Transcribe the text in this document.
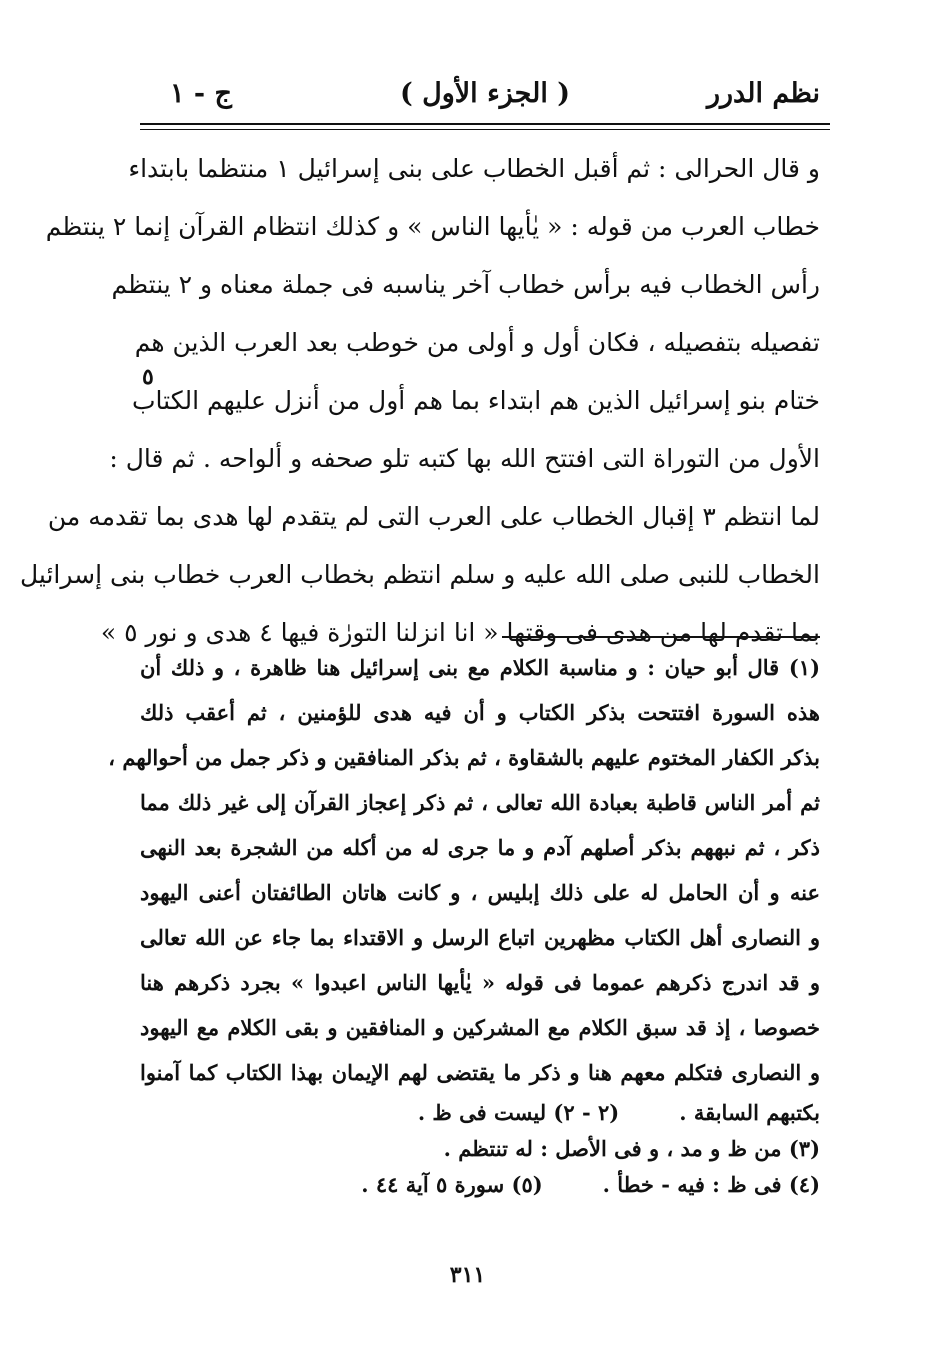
نظم الدرر
( الجزء الأول )
ج - ١
٥
و قال الحرالى : ثم أقبل الخطاب على بنى إسرائيل ١ منتظما بابتداء
خطاب العرب من قوله : « يٰأيها الناس » و كذلك انتظام القرآن إنما ٢ ينتظم
رأس الخطاب فيه برأس خطاب آخر يناسبه فى جملة معناه و ٢ ينتظم
تفصيله بتفصيله ، فكان أول و أولى من خوطب بعد العرب الذين هم
ختام بنو إسرائيل الذين هم ابتداء بما هم أول من أنزل عليهم الكتاب
الأول من التوراة التى افتتح الله بها كتبه تلو صحفه و ألواحه . ثم قال :
لما انتظم ٣ إقبال الخطاب على العرب التى لم يتقدم لها هدى بما تقدمه من
الخطاب للنبى صلى الله عليه و سلم انتظم بخطاب العرب خطاب بنى إسرائيل
بما تقدم لها من هدى فى وقتها « انا انزلنا التورٰة فيها ٤ هدى و نور ٥ »
(١) قال أبو حيان : و مناسبة الكلام مع بنى إسرائيل هنا ظاهرة ، و ذلك أن
هذه السورة افتتحت بذكر الكتاب و أن فيه هدى للؤمنين ، ثم أعقب ذلك
بذكر الكفار المختوم عليهم بالشقاوة ، ثم بذكر المنافقين و ذكر جمل من أحوالهم ،
ثم أمر الناس قاطبة بعبادة الله تعالى ، ثم ذكر إعجاز القرآن إلى غير ذلك مما
ذكر ، ثم نبههم بذكر أصلهم آدم و ما جرى له من أكله من الشجرة بعد النهى
عنه و أن الحامل له على ذلك إبليس ، و كانت هاتان الطائفتان أعنى اليهود
و النصارى أهل الكتاب مظهرين اتباع الرسل و الاقتداء بما جاء عن الله تعالى
و قد اندرج ذكرهم عموما فى قوله « يٰأيها الناس اعبدوا » بجرد ذكرهم هنا
خصوصا ، إذ قد سبق الكلام مع المشركين و المنافقين و بقى الكلام مع اليهود
و النصارى فتكلم معهم هنا و ذكر ما يقتضى لهم الإيمان بهذا الكتاب كما آمنوا
بكتبهم السابقة .(٢ - ٢) ليست فى ظ .
(٣) من ظ و مد ، و فى الأصل : له تنتظم .
(٤) فى ظ : فيه - خطأ .(٥) سورة ٥ آية ٤٤ .
٣١١
